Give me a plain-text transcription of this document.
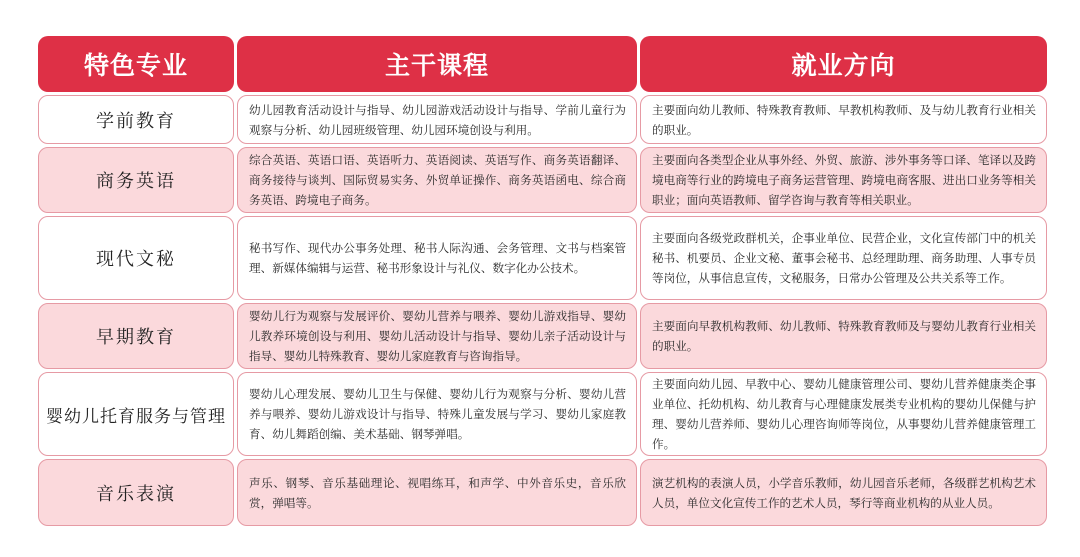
特色专业	主干课程	就业方向
学前教育
幼儿园教育活动设计与指导、幼儿园游戏活动设计与指导、学前儿童行为观察与分析、幼儿园班级管理、幼儿园环境创设与利用。
主要面向幼儿教师、特殊教育教师、早教机构教师、及与幼儿教育行业相关的职业。
商务英语
综合英语、英语口语、英语听力、英语阅读、英语写作、商务英语翻译、商务接待与谈判、国际贸易实务、外贸单证操作、商务英语函电、综合商务英语、跨境电子商务。
主要面向各类型企业从事外经、外贸、旅游、涉外事务等口译、笔译以及跨境电商等行业的跨境电子商务运营管理、跨境电商客服、进出口业务等相关职业；面向英语教师、留学咨询与教育等相关职业。
现代文秘
秘书写作、现代办公事务处理、秘书人际沟通、会务管理、文书与档案管理、新媒体编辑与运营、秘书形象设计与礼仪、数字化办公技术。
主要面向各级党政群机关，企事业单位、民营企业，文化宣传部门中的机关秘书、机要员、企业文秘、董事会秘书、总经理助理、商务助理、人事专员等岗位，从事信息宣传，文秘服务，日常办公管理及公共关系等工作。
早期教育
婴幼儿行为观察与发展评价、婴幼儿营养与喂养、婴幼儿游戏指导、婴幼儿教养环境创设与利用、婴幼儿活动设计与指导、婴幼儿亲子活动设计与指导、婴幼儿特殊教育、婴幼儿家庭教育与咨询指导。
主要面向早教机构教师、幼儿教师、特殊教育教师及与婴幼儿教育行业相关的职业。
婴幼儿托育服务与管理
婴幼儿心理发展、婴幼儿卫生与保健、婴幼儿行为观察与分析、婴幼儿营养与喂养、婴幼儿游戏设计与指导、特殊儿童发展与学习、婴幼儿家庭教育、幼儿舞蹈创编、美术基础、钢琴弹唱。
主要面向幼儿园、早教中心、婴幼儿健康管理公司、婴幼儿营养健康类企事业单位、托幼机构、幼儿教育与心理健康发展类专业机构的婴幼儿保健与护理、婴幼儿营养师、婴幼儿心理咨询师等岗位，从事婴幼儿营养健康管理工作。
音乐表演
声乐、钢琴、音乐基础理论、视唱练耳，和声学、中外音乐史，音乐欣赏，弹唱等。
演艺机构的表演人员，小学音乐教师，幼儿园音乐老师，各级群艺机构艺术人员，单位文化宣传工作的艺术人员，琴行等商业机构的从业人员。
